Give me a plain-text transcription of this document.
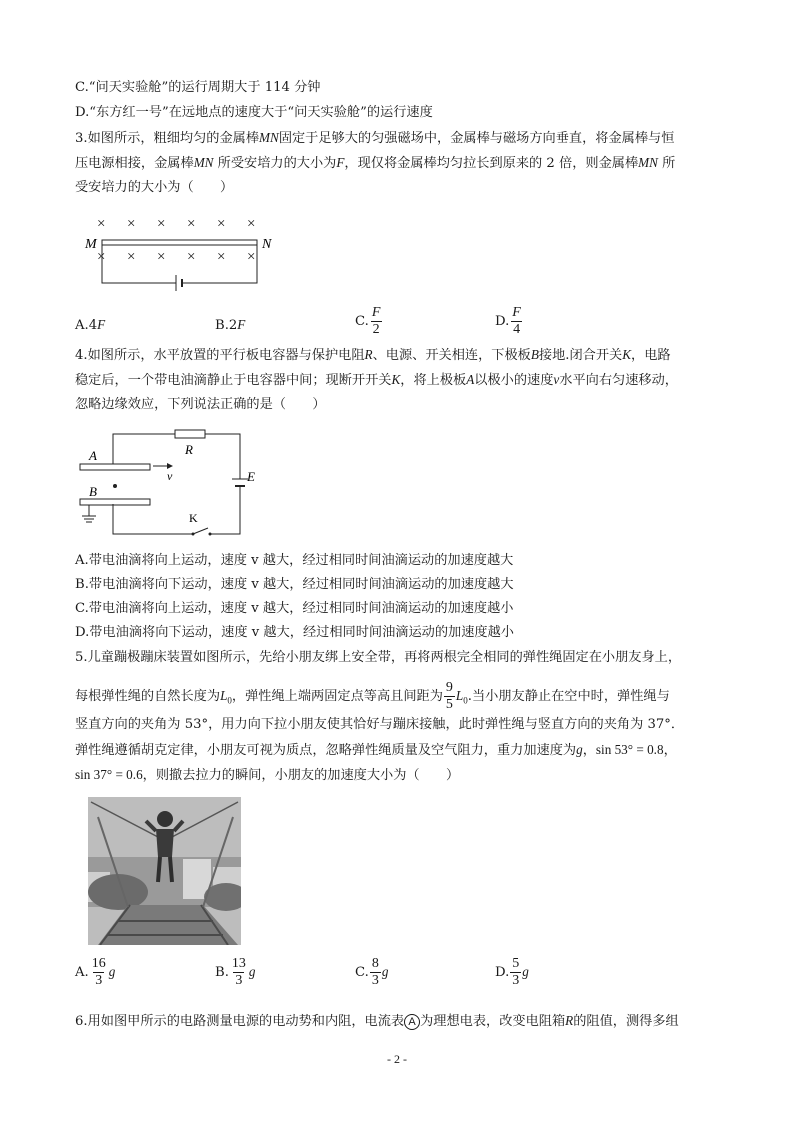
C.“问天实验舱”的运行周期大于 114 分钟
D.“东方红一号”在远地点的速度大于“问天实验舱”的运行速度
3.如图所示，粗细均匀的金属棒MN固定于足够大的匀强磁场中，金属棒与磁场方向垂直，将金属棒与恒
压电源相接，金属棒MN 所受安培力的大小为F，现仅将金属棒均匀拉长到原来的 2 倍，则金属棒MN 所
受安培力的大小为（　　）
× × × × × ×
× × × × × ×
M	N
A.4F	B.2F	C. $\frac{F}{2}$	D. $\frac{F}{4}$
4.如图所示，水平放置的平行板电容器与保护电阻R、电源、开关相连，下极板B接地.闭合开关K，电路
稳定后，一个带电油滴静止于电容器中间；现断开开关K，将上极板A以极小的速度v水平向右匀速移动，
忽略边缘效应，下列说法正确的是（　　）
R
A
v
B
E
K
A.带电油滴将向上运动，速度 v 越大，经过相同时间油滴运动的加速度越大
B.带电油滴将向下运动，速度 v 越大，经过相同时间油滴运动的加速度越大
C.带电油滴将向上运动，速度 v 越大，经过相同时间油滴运动的加速度越小
D.带电油滴将向下运动，速度 v 越大，经过相同时间油滴运动的加速度越小
5.儿童蹦极蹦床装置如图所示，先给小朋友绑上安全带，再将两根完全相同的弹性绳固定在小朋友身上，
每根弹性绳的自然长度为$L_0$，弹性绳上端两固定点等高且间距为 $\frac{9}{5} L_0$.当小朋友静止在空中时，弹性绳与
竖直方向的夹角为 53°，用力向下拉小朋友使其恰好与蹦床接触，此时弹性绳与竖直方向的夹角为 37°．
弹性绳遵循胡克定律，小朋友可视为质点，忽略弹性绳质量及空气阻力，重力加速度为g，sin 53° = 0.8，
sin 37° = 0.6，则撤去拉力的瞬间，小朋友的加速度大小为（　　）
A. $\frac{16}{3}$ g	B. $\frac{13}{3}$ g	C. $\frac{8}{3}$ g	D. $\frac{5}{3}$ g
6.用如图甲所示的电路测量电源的电动势和内阻，电流表 A 为理想电表，改变电阻箱R的阻值，测得多组
- 2 -
